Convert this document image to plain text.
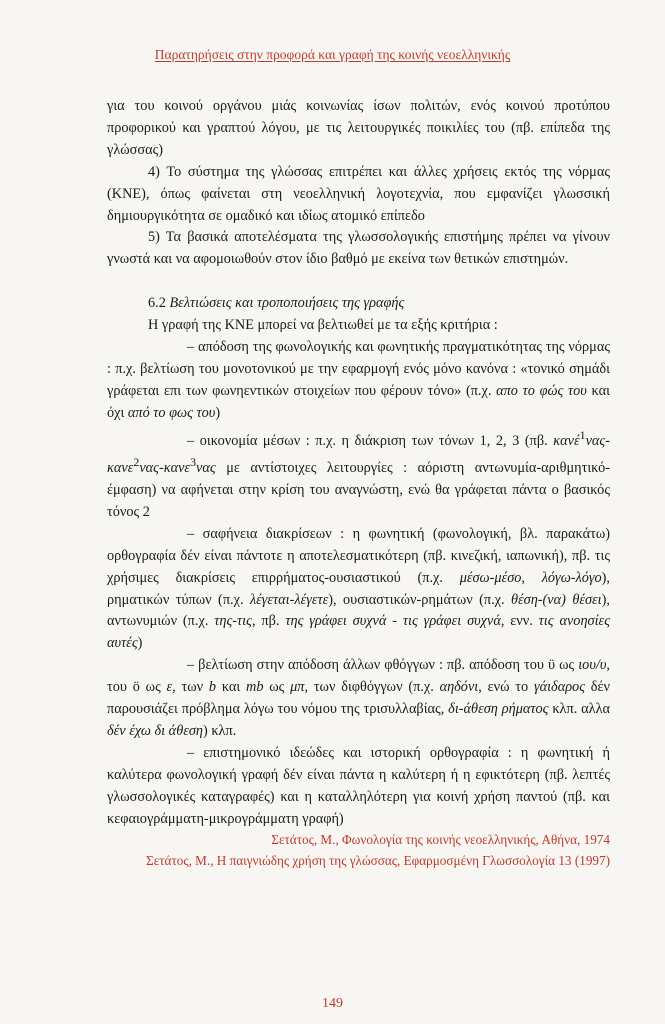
Παρατηρήσεις στην προφορά και γραφή της κοινής νεοελληνικής

για του κοινού οργάνου μιάς κοινωνίας ίσων πολιτών, ενός κοινού προτύπου προφορικού και γραπτού λόγου, με τις λειτουργικές ποικιλίες του (πβ. επίπεδα της γλώσσας)

4) Το σύστημα της γλώσσας επιτρέπει και άλλες χρήσεις εκτός της νόρμας (ΚΝΕ), όπως φαίνεται στη νεοελληνική λογοτεχνία, που εμφανίζει γλωσσική δημιουργικότητα σε ομαδικό και ιδίως ατομικό επίπεδο

5) Τα βασικά αποτελέσματα της γλωσσολογικής επιστήμης πρέπει να γίνουν γνωστά και να αφομοιωθούν στον ίδιο βαθμό με εκείνα των θετικών επιστημών.

6.2 Βελτιώσεις και τροποποιήσεις της γραφής

Η γραφή της ΚΝΕ μπορεί να βελτιωθεί με τα εξής κριτήρια :

– απόδοση της φωνολογικής και φωνητικής πραγματικότητας της νόρμας : π.χ. βελτίωση του μονοτονικού με την εφαρμογή ενός μόνο κανόνα : «τονικό σημάδι γράφεται επι των φωνηεντικών στοιχείων που φέρουν τόνο» (π.χ. απο το φώς του και όχι από το φως του)

– οικονομία μέσων : π.χ. η διάκριση των τόνων 1, 2, 3 (πβ. κανέ$^1$νας-κανε$^2$νας-κανε$^3$νας με αντίστοιχες λειτουργίες : αόριστη αντωνυμία-αριθμητικό-έμφαση) να αφήνεται στην κρίση του αναγνώστη, ενώ θα γράφεται πάντα ο βασικός τόνος 2

– σαφήνεια διακρίσεων : η φωνητική (φωνολογική, βλ. παρακάτω) ορθογραφία δέν είναι πάντοτε η αποτελεσματικότερη (πβ. κινεζική, ιαπωνική), πβ. τις χρήσιμες διακρίσεις επιρρήματος-ουσιαστικού (π.χ. μέσω-μέσο, λόγω-λόγο), ρηματικών τύπων (π.χ. λέγεται-λέγετε), ουσιαστικών-ρημάτων (π.χ. θέση-(να) θέσει), αντωνυμιών (π.χ. της-τις, πβ. της γράφει συχνά - τις γράφει συχνά, ενν. τις ανοησίες αυτές)

– βελτίωση στην απόδοση άλλων φθόγγων : πβ. απόδοση του ϋ ως ιου/υ, του ö ως ε, των b και mb ως μπ, των διφθόγγων (π.χ. αηδόνι, ενώ το γάιδαρος δέν παρουσιάζει πρόβλημα λόγω του νόμου της τρισυλλαβίας, δι-άθεση ρήματος κλπ. αλλα δέν έχω δι άθεση) κλπ.

– επιστημονικό ιδεώδες και ιστορική ορθογραφία : η φωνητική ή καλύτερα φωνολογική γραφή δέν είναι πάντα η καλύτερη ή η εφικτότερη (πβ. λεπτές γλωσσολογικές καταγραφές) και η καταλληλότερη για κοινή χρήση παντού (πβ. και κεφαιογράμματη-μικρογράμματη γραφή)

Σετάτος, Μ., Φωνολογία της κοινής νεοελληνικής, Αθήνα, 1974

Σετάτος, Μ., Η παιγνιώδης χρήση της γλώσσας, Εφαρμοσμένη Γλωσσολογία 13 (1997)

149
